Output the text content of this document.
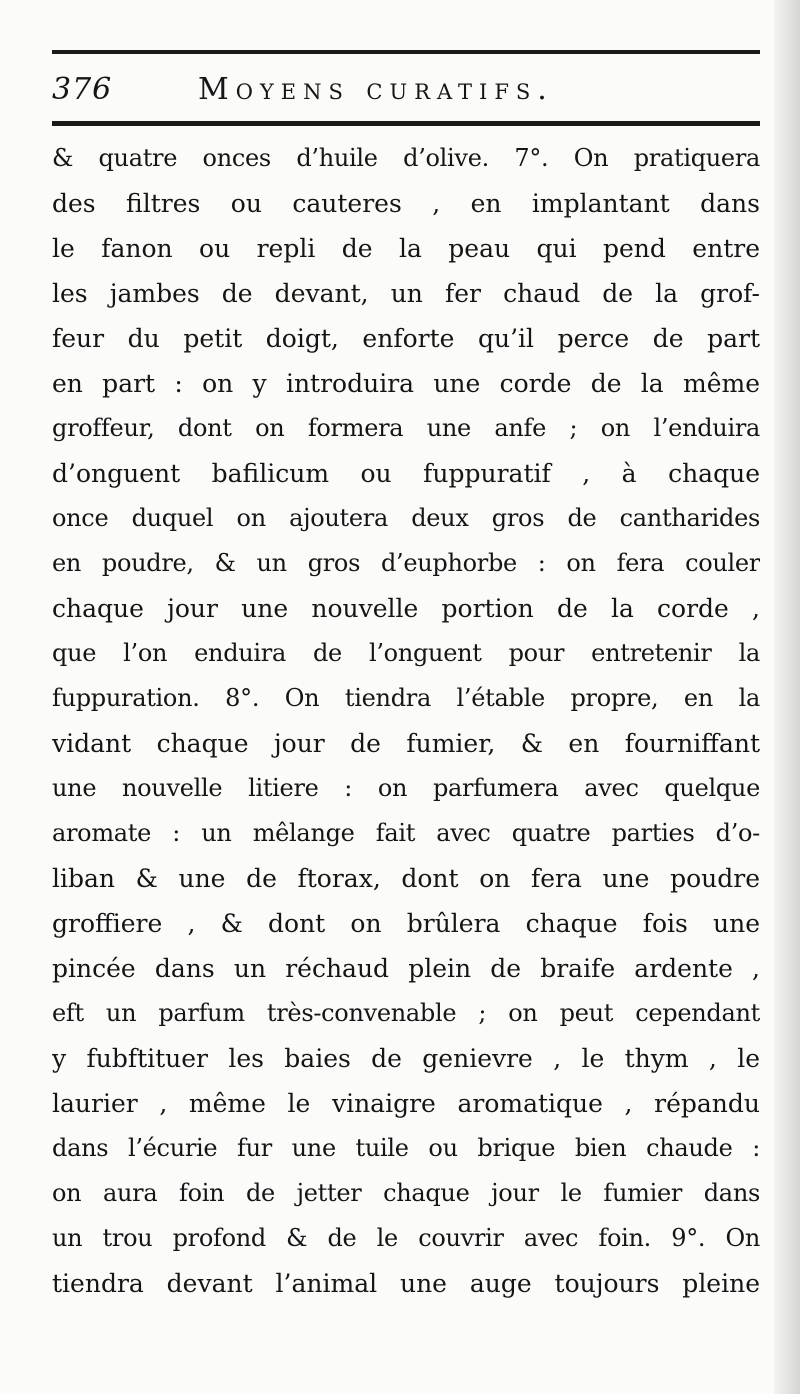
376	Moyens curatifs.
& quatre onces d’huile d’olive. 7°. On pratiquera
des filtres ou cauteres , en implantant dans
le fanon ou repli de la peau qui pend entre
les jambes de devant, un fer chaud de la grof-
feur du petit doigt, enforte qu’il perce de part
en part : on y introduira une corde de la même
groffeur, dont on formera une anfe ; on l’enduira
d’onguent bafilicum ou fuppuratif , à chaque
once duquel on ajoutera deux gros de cantharides
en poudre, & un gros d’euphorbe : on fera couler
chaque jour une nouvelle portion de la corde ,
que l’on enduira de l’onguent pour entretenir la
fuppuration. 8°. On tiendra l’étable propre, en la
vidant chaque jour de fumier, & en fourniffant
une nouvelle litiere : on parfumera avec quelque
aromate : un mêlange fait avec quatre parties d’o-
liban & une de ftorax, dont on fera une poudre
groffiere , & dont on brûlera chaque fois une
pincée dans un réchaud plein de braife ardente ,
eft un parfum très-convenable ; on peut cependant
y fubftituer les baies de genievre , le thym , le
laurier , même le vinaigre aromatique , répandu
dans l’écurie fur une tuile ou brique bien chaude :
on aura foin de jetter chaque jour le fumier dans
un trou profond & de le couvrir avec foin. 9°. On
tiendra devant l’animal une auge toujours pleine
